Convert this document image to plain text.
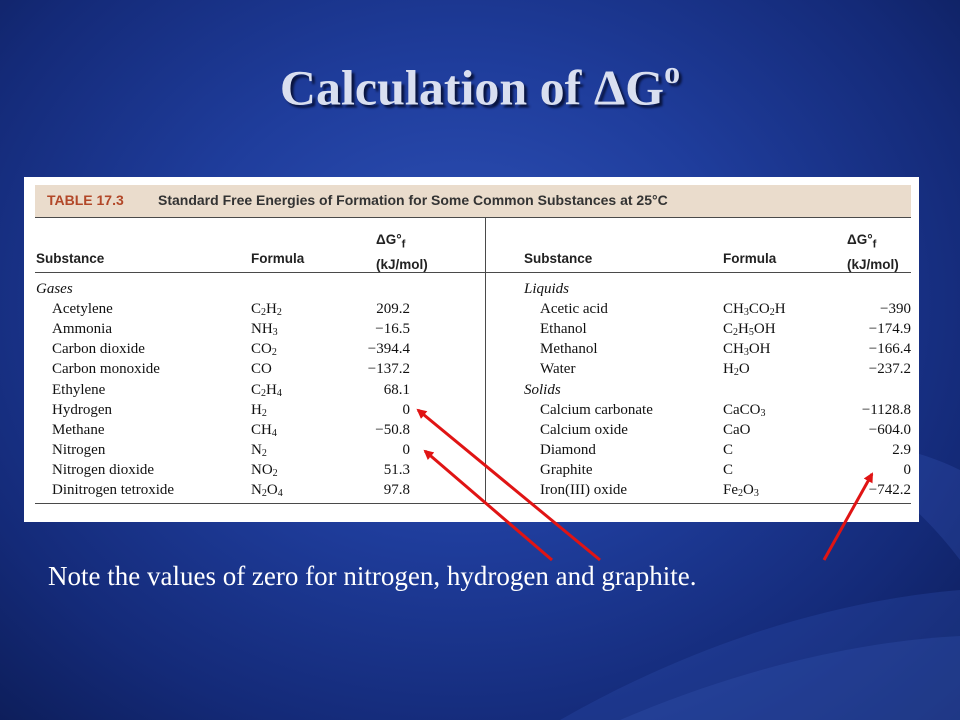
Calculation of $\Delta G^o$
TABLE 17.3 Standard Free Energies of Formation for Some Common Substances at 25°C
Substance	Formula
$\Delta G^\circ_f$
(kJ/mol)	Substance	Formula
$\Delta G^\circ_f$
(kJ/mol)
Gases
Acetylene	$C_2H_2$	209.2
Ammonia	$NH_3$	−16.5
Carbon dioxide	$CO_2$	−394.4
Carbon monoxide	CO	−137.2
Ethylene	$C_2H_4$	68.1
Hydrogen	$H_2$	0
Methane	$CH_4$	−50.8
Nitrogen	$N_2$	0
Nitrogen dioxide	$NO_2$	51.3
Dinitrogen tetroxide	$N_2O_4$	97.8
Liquids
Acetic acid	$CH_3CO_2H$	−390
Ethanol	$C_2H_5OH$	−174.9
Methanol	$CH_3OH$	−166.4
Water	$H_2O$	−237.2
Solids
Calcium carbonate	CaCO$_3$	−1128.8
Calcium oxide	CaO	−604.0
Diamond	C	2.9
Graphite	C	0
Iron(III) oxide	$Fe_2O_3$	−742.2
Note the values of zero for nitrogen, hydrogen and graphite.
